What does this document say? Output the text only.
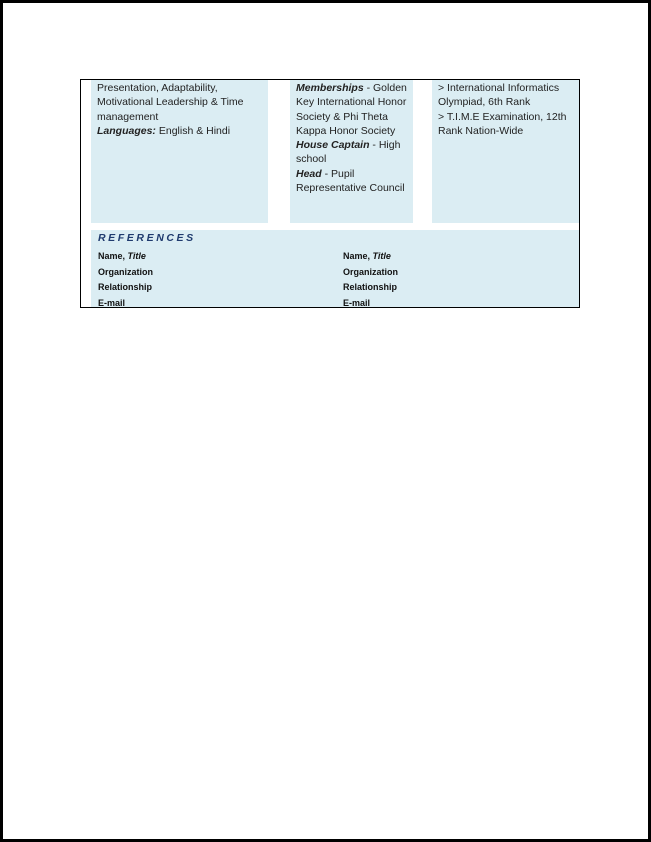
Presentation, Adaptability,

Motivational Leadership & Time

management

Languages: English & Hindi

Memberships - Golden Key International Honor Society & Phi Theta Kappa Honor Society

House Captain - High school

Head - Pupil Representative Council

> International Informatics

Olympiad, 6th Rank

> T.I.M.E Examination, 12th

Rank Nation-Wide

REFERENCES
Name, Title
Organization
Relationship
E-mail
Name, Title
Organization
Relationship
E-mail
